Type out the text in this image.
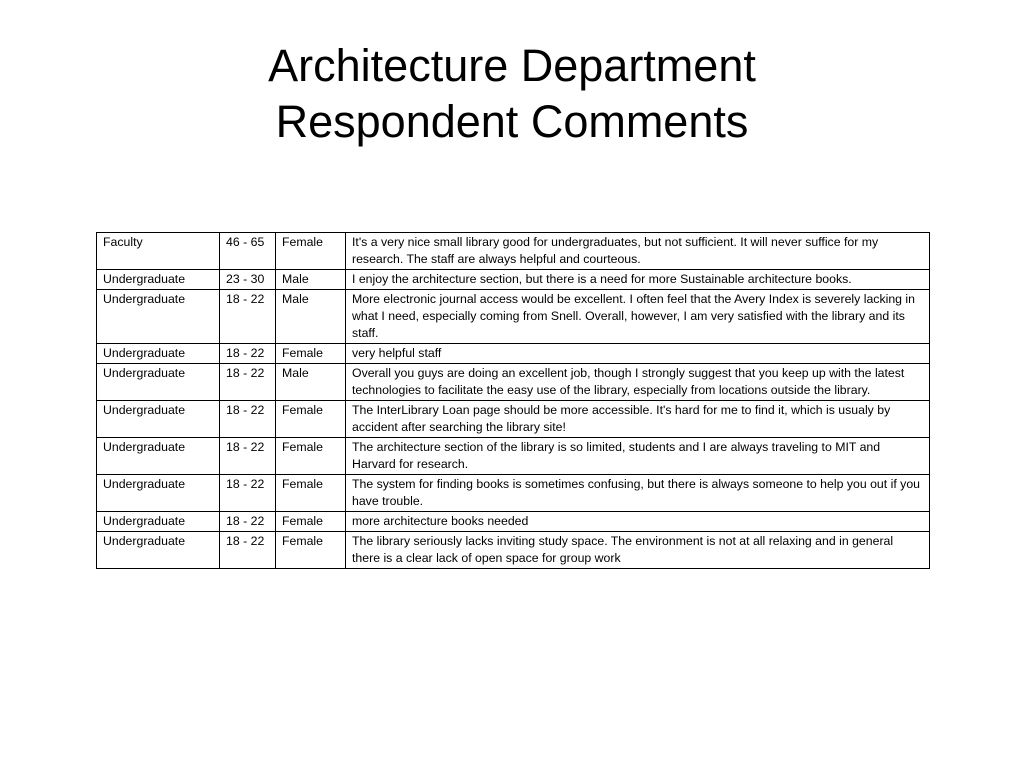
Architecture Department
Respondent Comments
Faculty	46 - 65	Female	It's a very nice small library good for undergraduates, but not sufficient. It will never suffice for my research. The staff are always helpful and courteous.
Undergraduate	23 - 30	Male	I enjoy the architecture section, but there is a need for more Sustainable architecture books.
Undergraduate	18 - 22	Male	More electronic journal access would be excellent. I often feel that the Avery Index is severely lacking in what I need, especially coming from Snell. Overall, however, I am very satisfied with the library and its staff.
Undergraduate	18 - 22	Female	very helpful staff
Undergraduate	18 - 22	Male	Overall you guys are doing an excellent job, though I strongly suggest that you keep up with the latest technologies to facilitate the easy use of the library, especially from locations outside the library.
Undergraduate	18 - 22	Female	The InterLibrary Loan page should be more accessible. It's hard for me to find it, which is usualy by accident after searching the library site!
Undergraduate	18 - 22	Female	The architecture section of the library is so limited, students and I are always traveling to MIT and Harvard for research.
Undergraduate	18 - 22	Female	The system for finding books is sometimes confusing, but there is always someone to help you out if you have trouble.
Undergraduate	18 - 22	Female	more architecture books needed
Undergraduate	18 - 22	Female	The library seriously lacks inviting study space. The environment is not at all relaxing and in general there is a clear lack of open space for group work
